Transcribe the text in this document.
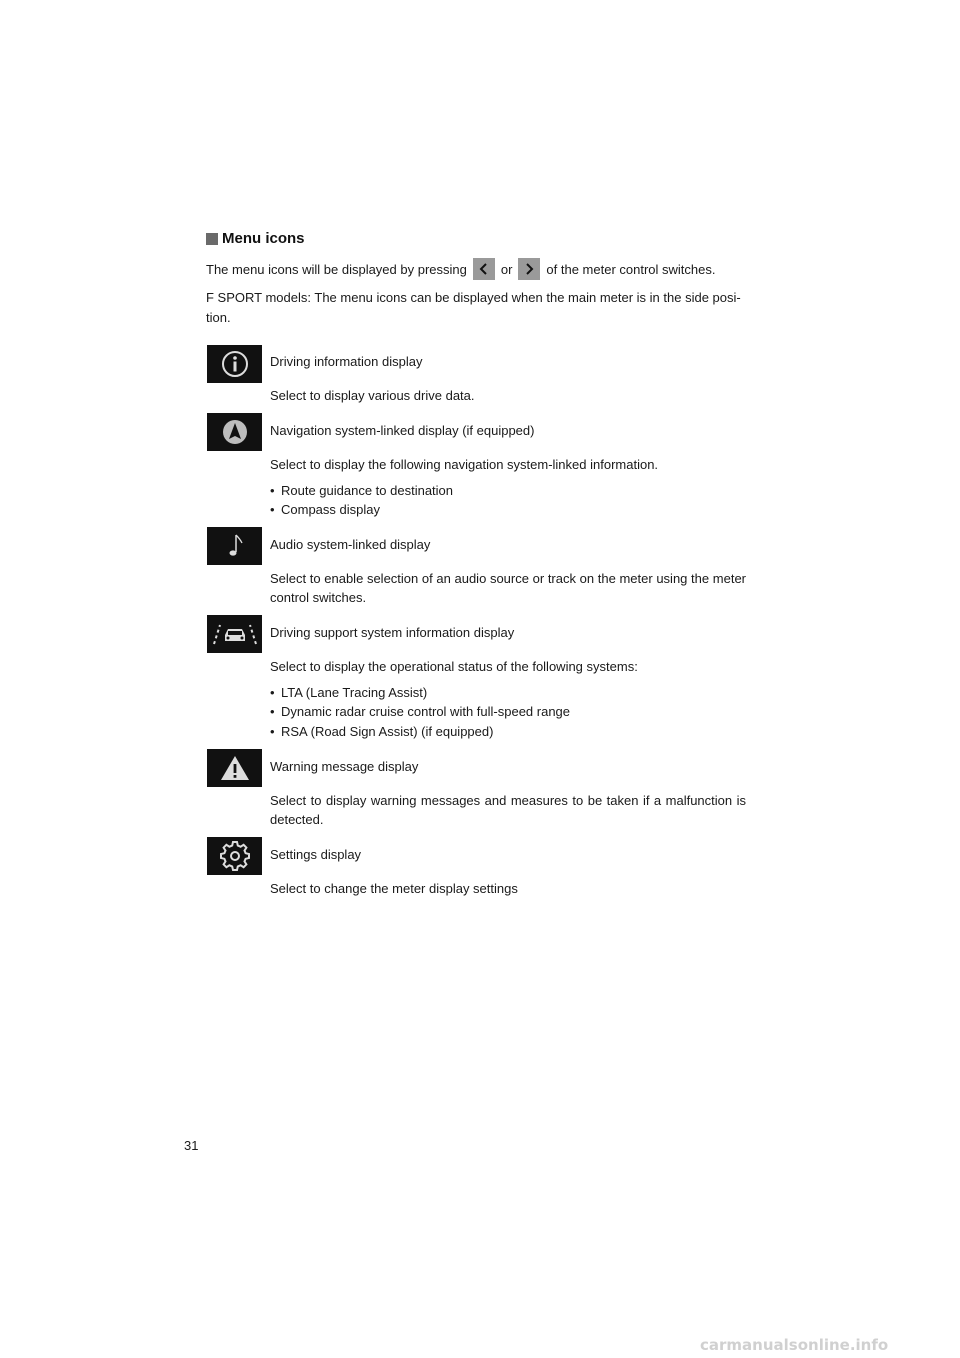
Menu icons
The menu icons will be displayed by pressing	or	of the meter control switches.
F SPORT models: The menu icons can be displayed when the main meter is in the side posi-tion.
Driving information display
Select to display various drive data.
Navigation system-linked display (if equipped)
Select to display the following navigation system-linked information.
• Route guidance to destination
• Compass display
Audio system-linked display
Select to enable selection of an audio source or track on the meter using the meter control switches.
Driving support system information display
Select to display the operational status of the following systems:
• LTA (Lane Tracing Assist)
• Dynamic radar cruise control with full-speed range
• RSA (Road Sign Assist) (if equipped)
Warning message display
Select to display warning messages and measures to be taken if a malfunction is detected.
Settings display
Select to change the meter display settings
31
carmanualsonline.info
